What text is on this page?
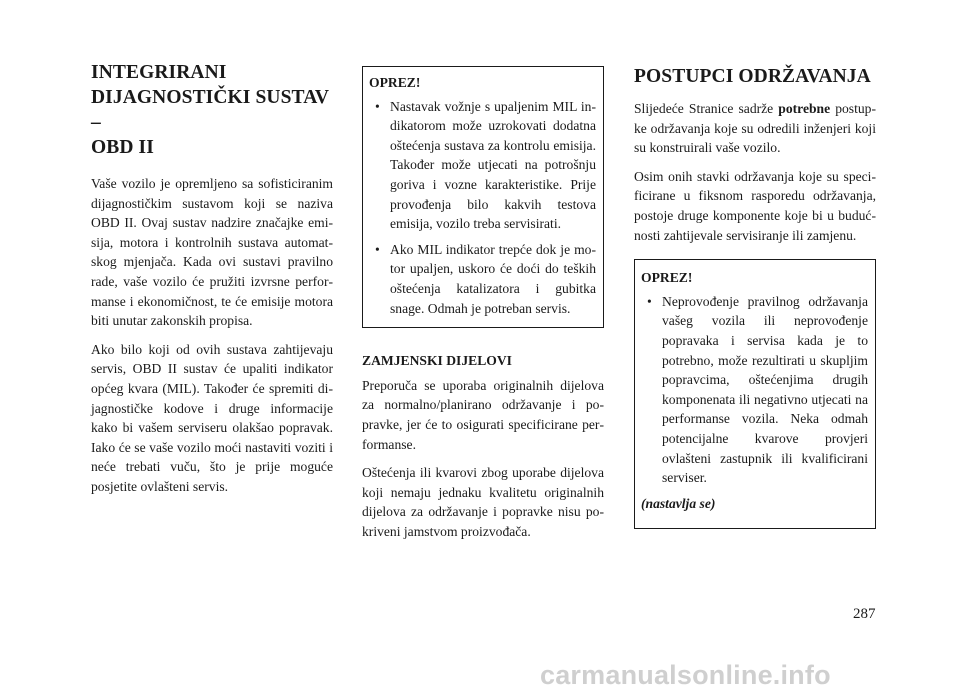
INTEGRIRANI
DIJAGNOSTIČKI SUSTAV –
OBD II

Vaše vozilo je opremljeno sa sofisticiranim dijagnostičkim sustavom koji se naziva OBD II. Ovaj sustav nadzire značajke emisija, motora i kontrolnih sustava automatskog mjenjača. Kada ovi sustavi pravilno rade, vaše vozilo će pružiti izvrsne performanse i ekonomičnost, te će emisije motora biti unutar zakonskih propisa.

Ako bilo koji od ovih sustava zahtijevaju servis, OBD II sustav će upaliti indikator općeg kvara (MIL). Također će spremiti dijagnostičke kodove i druge informacije kako bi vašem serviseru olakšao popravak. Iako će se vaše vozilo moći nastaviti voziti i neće trebati vuču, što je prije moguće posjetite ovlašteni servis.

OPREZ!
• Nastavak vožnje s upaljenim MIL indikatorom može uzrokovati dodatna oštećenja sustava za kontrolu emisija. Također može utjecati na potrošnju goriva i vozne karakteristike. Prije provođenja bilo kakvih testova emisija, vozilo treba servisirati.
• Ako MIL indikator trepće dok je motor upaljen, uskoro će doći do teških oštećenja katalizatora i gubitka snage. Odmah je potreban servis.
ZAMJENSKI DIJELOVI

Preporuča se uporaba originalnih dijelova za normalno/planirano održavanje i popravke, jer će to osigurati specificirane performanse.

Oštećenja ili kvarovi zbog uporabe dijelova koji nemaju jednaku kvalitetu originalnih dijelova za održavanje i popravke nisu pokriveni jamstvom proizvođača.

POSTUPCI ODRŽAVANJA

Slijedeće Stranice sadrže potrebne postupke održavanja koje su odredili inženjeri koji su konstruirali vaše vozilo.

Osim onih stavki održavanja koje su specificirane u fiksnom rasporedu održavanja, postoje druge komponente koje bi u budućnosti zahtijevale servisiranje ili zamjenu.

OPREZ!
• Neprovođenje pravilnog održavanja vašeg vozila ili neprovođenje popravaka i servisa kada je to potrebno, može rezultirati u skupljim popravcima, oštećenjima drugih komponenata ili negativno utjecati na performanse vozila. Neka odmah potencijalne kvarove provjeri ovlašteni zastupnik ili kvalificirani serviser.

(nastavlja se)

287
carmanualsonline.info
